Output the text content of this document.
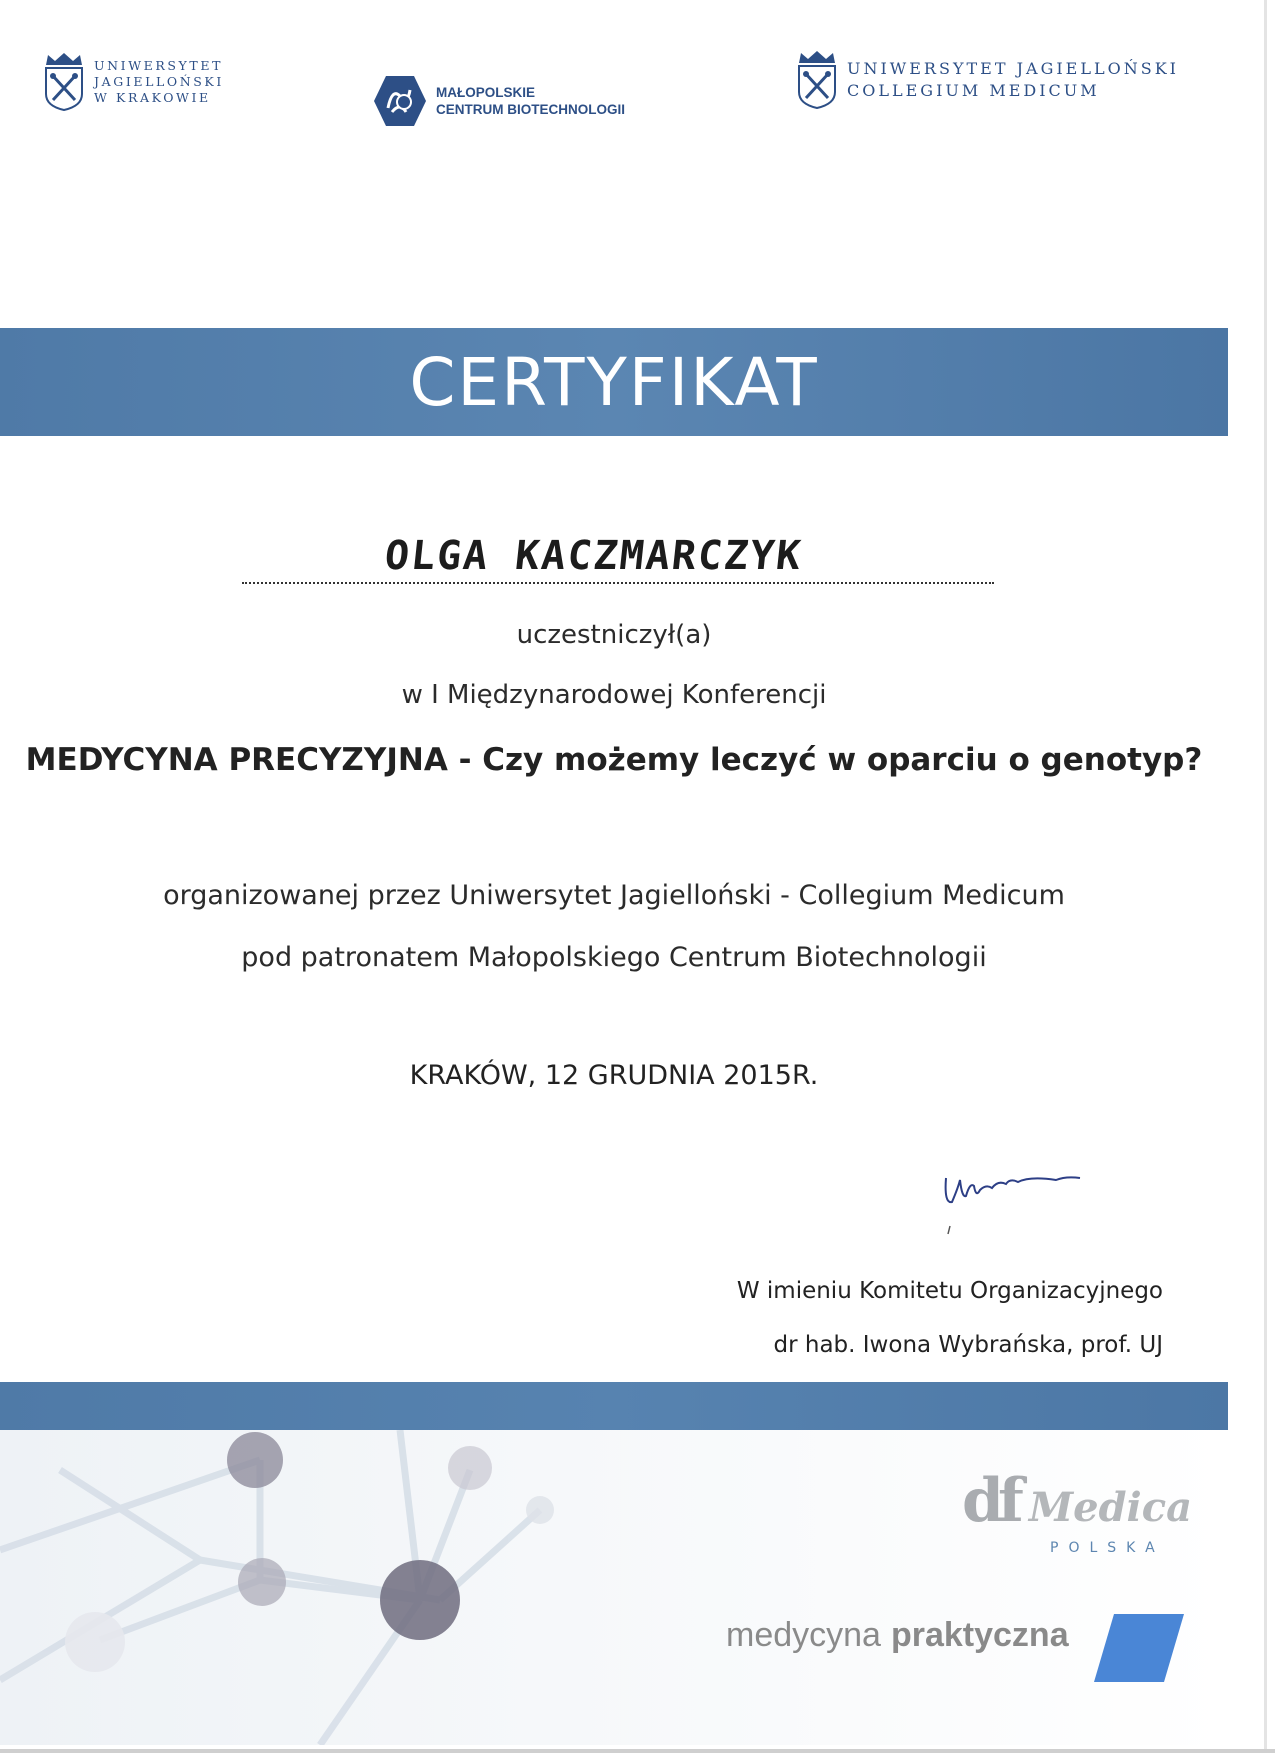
UNIWERSYTET
JAGIELLOŃSKI
W KRAKOWIE	MAŁOPOLSKIE
CENTRUM BIOTECHNOLOGII
UNIWERSYTET JAGIELLOŃSKI
COLLEGIUM MEDICUM
CERTYFIKAT
OLGA KACZMARCZYK
uczestniczył(a)
w I Międzynarodowej Konferencji
MEDYCYNA PRECYZYJNA - Czy możemy leczyć w oparciu o genotyp?
organizowanej przez Uniwersytet Jagielloński - Collegium Medicum
pod patronatem Małopolskiego Centrum Biotechnologii
KRAKÓW, 12 GRUDNIA 2015R.
W imieniu Komitetu Organizacyjnego
dr hab. Iwona Wybrańska, prof. UJ
df Medica
POLSKA
medycyna praktyczna
